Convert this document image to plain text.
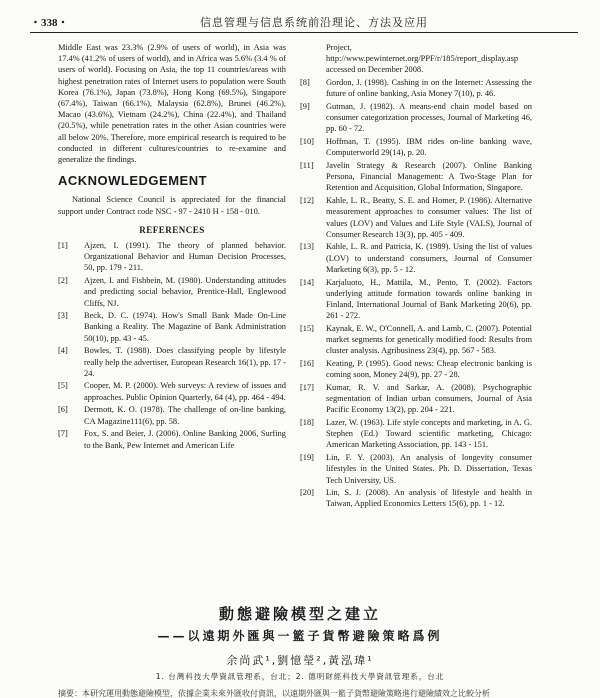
・338・	信息管理与信息系统前沿理论、方法及应用

Middle East was 23.3% (2.9% of users of world), in Asia was 17.4% (41.2% of users of world), and in Africa was 5.6% (3.4 % of users of world). Focusing on Asia, the top 11 countries/areas with highest penetration rates of Internet users to population were South Korea (76.1%), Japan (73.8%), Hong Kong (69.5%), Singapore (67.4%), Taiwan (66.1%), Malaysia (62.8%), Brunei (46.2%), Macao (43.6%), Vietnam (24.2%), China (22.4%), and Thailand (20.5%), while penetration rates in the other Asian countries were all below 20%. Therefore, more empirical research is required to be conducted in different cultures/countries to re-examine and generalize the findings.

ACKNOWLEDGEMENT

National Science Council is appreciated for the financial support under Contract code NSC - 97 - 2410 H - 158 - 010.

REFERENCES
[1]	Ajzen, I. (1991). The theory of planned behavior. Organizational Behavior and Human Decision Processes, 50, pp. 179 - 211.
[2]	Ajzen, I. and Fishbein, M. (1980). Understanding attitudes and predicting social behavior, Prentice-Hall, Englewood Cliffs, NJ.
[3]	Beck, D. C. (1974). How's Small Bank Made On-Line Banking a Reality. The Magazine of Bank Administration 50(10), pp. 43 - 45.
[4]	Bowles, T. (1988). Does classifying people by lifestyle really help the advertiser, European Research 16(1), pp. 17 - 24.
[5]	Cooper, M. P. (2000). Web surveys: A review of issues and approaches. Public Opinion Quarterly, 64 (4), pp. 464 - 494.
[6]	Dermott, K. O. (1978). The challenge of on-line banking, CA Magazine111(6), pp. 58.
[7]	Fox, S. and Beier, J. (2006). Online Banking 2006, Surfing to the Bank, Pew Internet and American Life
Project, http://www.pewinternet.org/PPF/r/185/report_display.asp accessed on December 2008.
[8]	Gordon, J. (1998). Cashing in on the Internet: Assessing the future of online banking, Asia Money 7(10), p. 46.
[9]	Gutman, J. (1982). A means-end chain model based on consumer categorization processes, Journal of Marketing 46, pp. 60 - 72.
[10]	Hoffman, T. (1995). IBM rides on-line banking wave, Computerworld 29(14), p. 20.
[11]	Javelin Strategy & Research (2007). Online Banking Persona, Financial Management: A Two-Stage Plan for Retention and Acquisition, Global Information, Singapore.
[12]	Kahle, L. R., Beatty, S. E. and Homer, P. (1986). Alternative measurement approaches to consumer values: The list of values (LOV) and Values and Life Style (VALS), Journal of Consumer Research 13(3), pp. 405 - 409.
[13]	Kahle, L. R. and Patricia, K. (1989). Using the list of values (LOV) to understand consumers, Journal of Consumer Marketing 6(3), pp. 5 - 12.
[14]	Karjaluoto, H., Mattila, M., Pento, T. (2002). Factors underlying attitude formation towards online banking in Finland, International Journal of Bank Marketing 20(6), pp. 261 - 272.
[15]	Kaynak, E. W., O'Connell, A. and Lamb, C. (2007). Potential market segments for genetically modified food: Results from cluster analysis. Agribusiness 23(4), pp. 567 - 583.
[16]	Keating, P. (1995). Good news: Cheap electronic banking is coming soon, Money 24(9), pp. 27 - 28.
[17]	Kumar, R. V. and Sarkar, A. (2008). Psychographic segmentation of Indian urban consumers, Journal of Asia Pacific Economy 13(2), pp. 204 - 221.
[18]	Lazer, W. (1963). Life style concepts and marketing, in A. G. Stephen (Ed.) Toward scientific marketing, Chicago: American Marketing Association, pp. 143 - 151.
[19]	Lin, F. Y. (2003). An analysis of longevity consumer lifestyles in the United States. Ph. D. Dissertation, Texas Tech University, US.
[20]	Lin, S. J. (2008). An analysis of lifestyle and health in Taiwan, Applied Economics Letters 15(6), pp. 1 - 12.
動態避險模型之建立
——以遠期外匯與一籃子貨幣避險策略爲例
余尚武¹,劉憶瑩²,黃泓瑋¹
1. 台灣科技大學資訊管理系，台北；2. 德明財經科技大學資訊管理系，台北
摘要：本研究運用動態避險模型，依據企業未來外匯收付資訊，以遠期外匯與一籃子貨幣避險策略進行避險績效之比較分析
